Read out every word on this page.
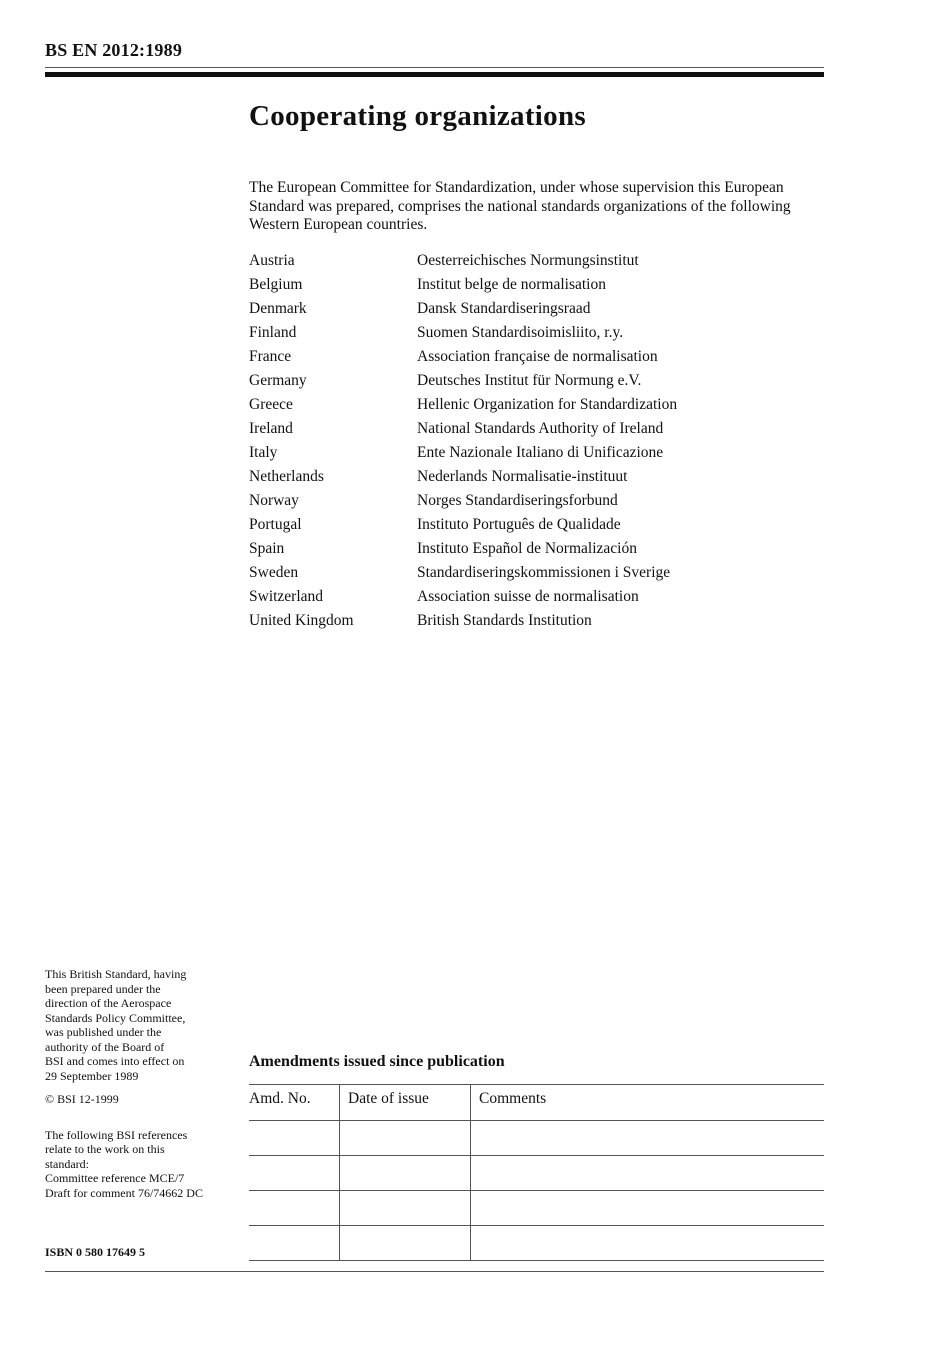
BS EN 2012:1989
Cooperating organizations

The European Committee for Standardization, under whose supervision this European Standard was prepared, comprises the national standards organizations of the following Western European countries.

Austria	Oesterreichisches Normungsinstitut
Belgium	Institut belge de normalisation
Denmark	Dansk Standardiseringsraad
Finland	Suomen Standardisoimisliito, r.y.
France	Association française de normalisation
Germany	Deutsches Institut für Normung e.V.
Greece	Hellenic Organization for Standardization
Ireland	National Standards Authority of Ireland
Italy	Ente Nazionale Italiano di Unificazione
Netherlands	Nederlands Normalisatie-instituut
Norway	Norges Standardiseringsforbund
Portugal	Instituto Português de Qualidade
Spain	Instituto Español de Normalización
Sweden	Standardiseringskommissionen i Sverige
Switzerland	Association suisse de normalisation
United Kingdom	British Standards Institution

This British Standard, having
been prepared under the
direction of the Aerospace
Standards Policy Committee,
was published under the
authority of the Board of
BSI and comes into effect on
29 September 1989

© BSI 12-1999

The following BSI references
relate to the work on this
standard:
Committee reference MCE/7
Draft for comment 76/74662 DC

ISBN 0 580 17649 5
Amendments issued since publication
Amd. No.	Date of issue	Comments
